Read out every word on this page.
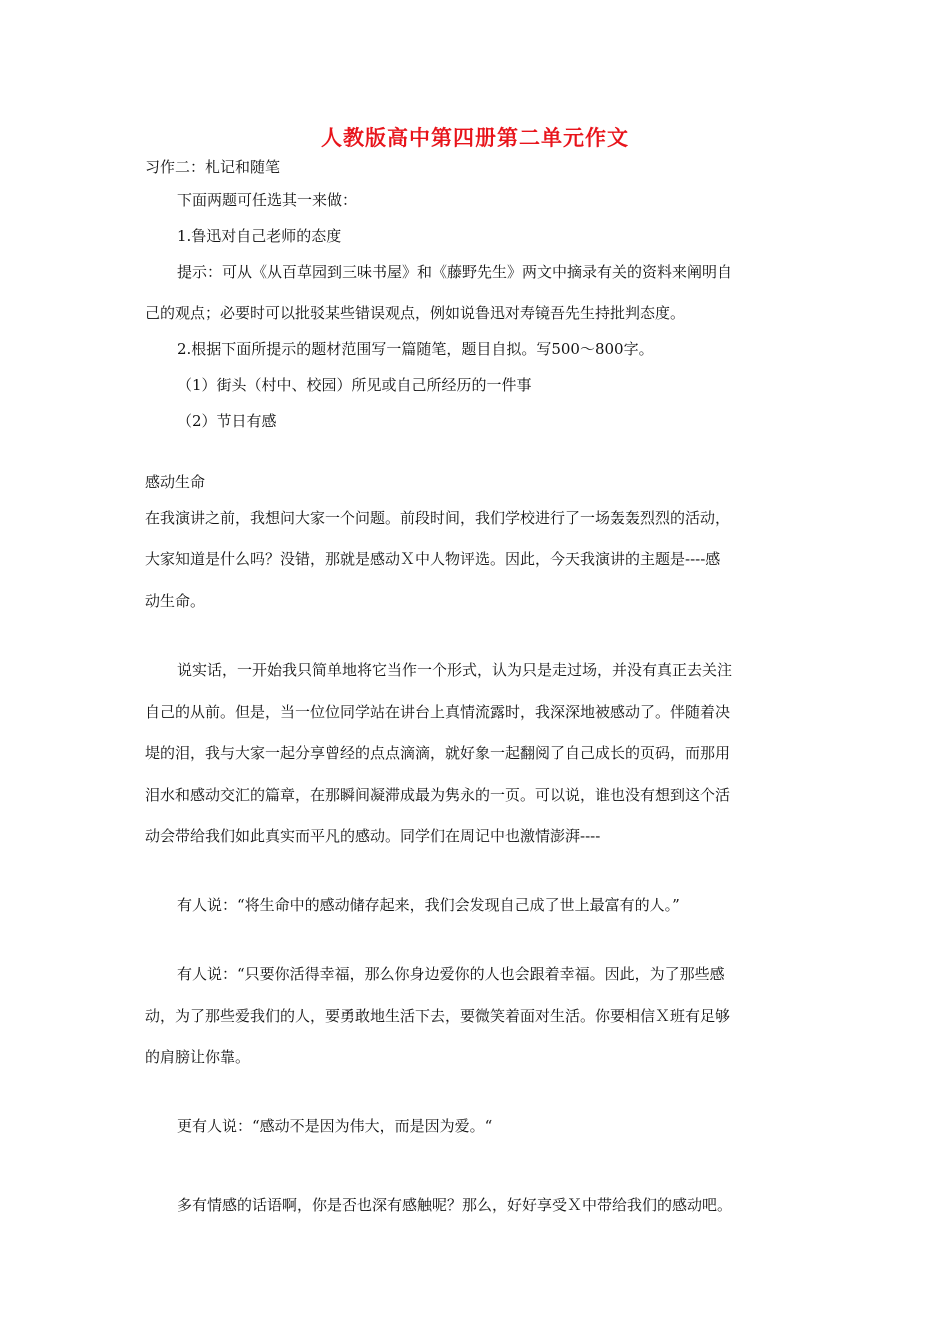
人教版高中第四册第二单元作文
习作二：札记和随笔
下面两题可任选其一来做：
1.鲁迅对自己老师的态度
提示：可从《从百草园到三味书屋》和《藤野先生》两文中摘录有关的资料来阐明自
己的观点；必要时可以批驳某些错误观点，例如说鲁迅对寿镜吾先生持批判态度。
2.根据下面所提示的题材范围写一篇随笔，题目自拟。写500～800字。
（1）街头（村中、校园）所见或自己所经历的一件事
（2）节日有感
感动生命
在我演讲之前，我想问大家一个问题。前段时间，我们学校进行了一场轰轰烈烈的活动，
大家知道是什么吗？没错，那就是感动Ｘ中人物评选。因此，今天我演讲的主题是----感
动生命。
说实话，一开始我只简单地将它当作一个形式，认为只是走过场，并没有真正去关注
自己的从前。但是，当一位位同学站在讲台上真情流露时，我深深地被感动了。伴随着决
堤的泪，我与大家一起分享曾经的点点滴滴，就好象一起翻阅了自己成长的页码，而那用
泪水和感动交汇的篇章，在那瞬间凝滞成最为隽永的一页。可以说，谁也没有想到这个活
动会带给我们如此真实而平凡的感动。同学们在周记中也激情澎湃----
有人说：“将生命中的感动储存起来，我们会发现自己成了世上最富有的人。”
有人说：“只要你活得幸福，那么你身边爱你的人也会跟着幸福。因此，为了那些感
动，为了那些爱我们的人，要勇敢地生活下去，要微笑着面对生活。你要相信Ｘ班有足够
的肩膀让你靠。
更有人说：“感动不是因为伟大，而是因为爱。“
多有情感的话语啊，你是否也深有感触呢？那么，好好享受Ｘ中带给我们的感动吧。
